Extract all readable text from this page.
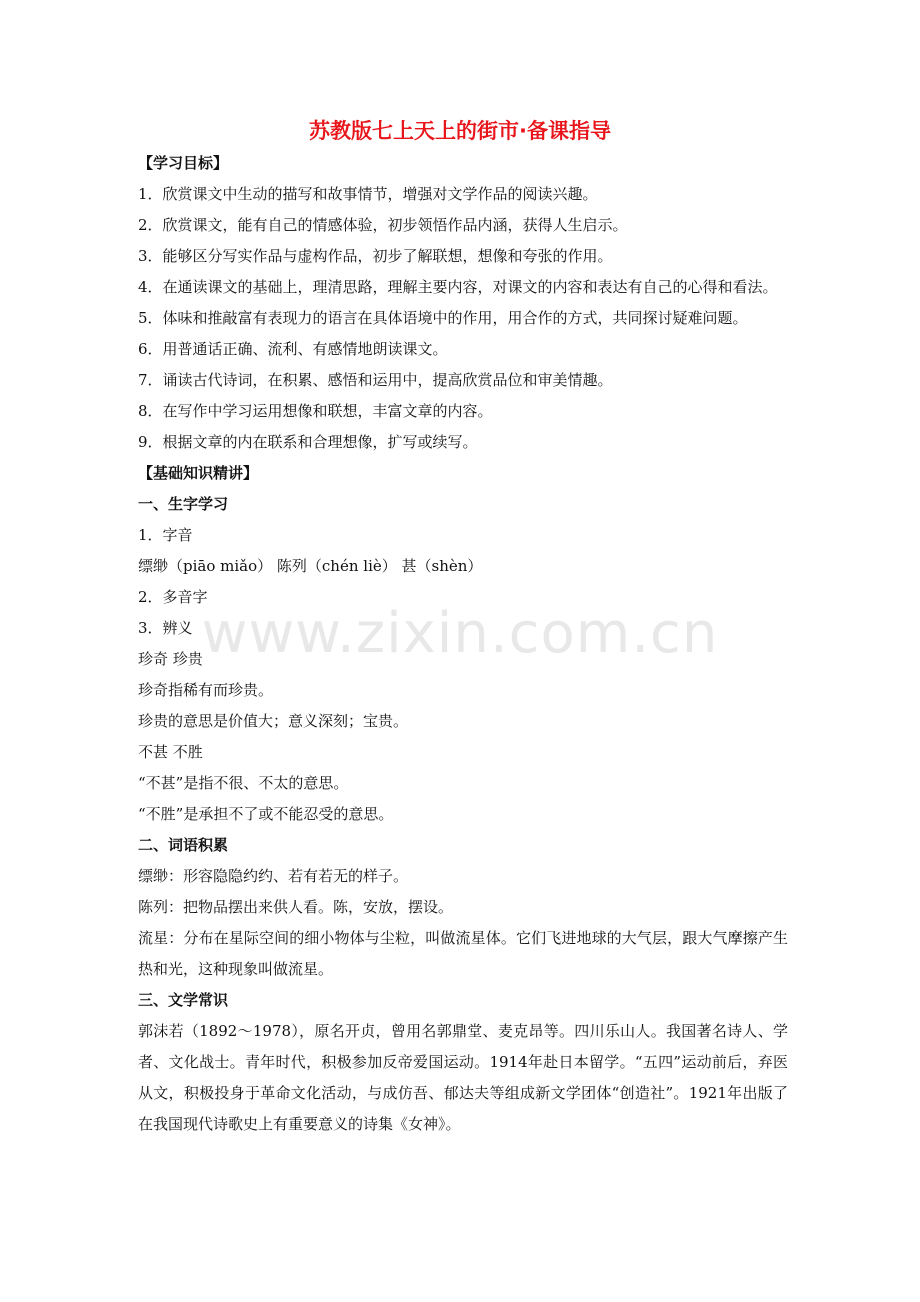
苏教版七上天上的街市·备课指导

【学习目标】

1．欣赏课文中生动的描写和故事情节，增强对文学作品的阅读兴趣。

2．欣赏课文，能有自己的情感体验，初步领悟作品内涵，获得人生启示。

3．能够区分写实作品与虚构作品，初步了解联想，想像和夸张的作用。

4．在通读课文的基础上，理清思路，理解主要内容，对课文的内容和表达有自己的心得和看法。

5．体味和推敲富有表现力的语言在具体语境中的作用，用合作的方式，共同探讨疑难问题。

6．用普通话正确、流利、有感情地朗读课文。

7．诵读古代诗词，在积累、感悟和运用中，提高欣赏品位和审美情趣。

8．在写作中学习运用想像和联想，丰富文章的内容。

9．根据文章的内在联系和合理想像，扩写或续写。

【基础知识精讲】

一、生字学习

1．字音

缥缈（piāo miǎo） 陈列（chén liè） 甚（shèn）

2．多音字

3．辨义

珍奇 珍贵

珍奇指稀有而珍贵。

珍贵的意思是价值大；意义深刻；宝贵。

不甚 不胜

“不甚”是指不很、不太的意思。

“不胜”是承担不了或不能忍受的意思。

二、词语积累

缥缈：形容隐隐约约、若有若无的样子。

陈列：把物品摆出来供人看。陈，安放，摆设。

流星：分布在星际空间的细小物体与尘粒，叫做流星体。它们飞进地球的大气层，跟大气摩擦产生热和光，这种现象叫做流星。

三、文学常识

郭沫若（1892～1978），原名开贞，曾用名郭鼎堂、麦克昂等。四川乐山人。我国著名诗人、学者、文化战士。青年时代，积极参加反帝爱国运动。1914年赴日本留学。“五四”运动前后，弃医从文，积极投身于革命文化活动，与成仿吾、郁达夫等组成新文学团体“创造社”。1921年出版了在我国现代诗歌史上有重要意义的诗集《女神》。

www.zixin.com.cn
